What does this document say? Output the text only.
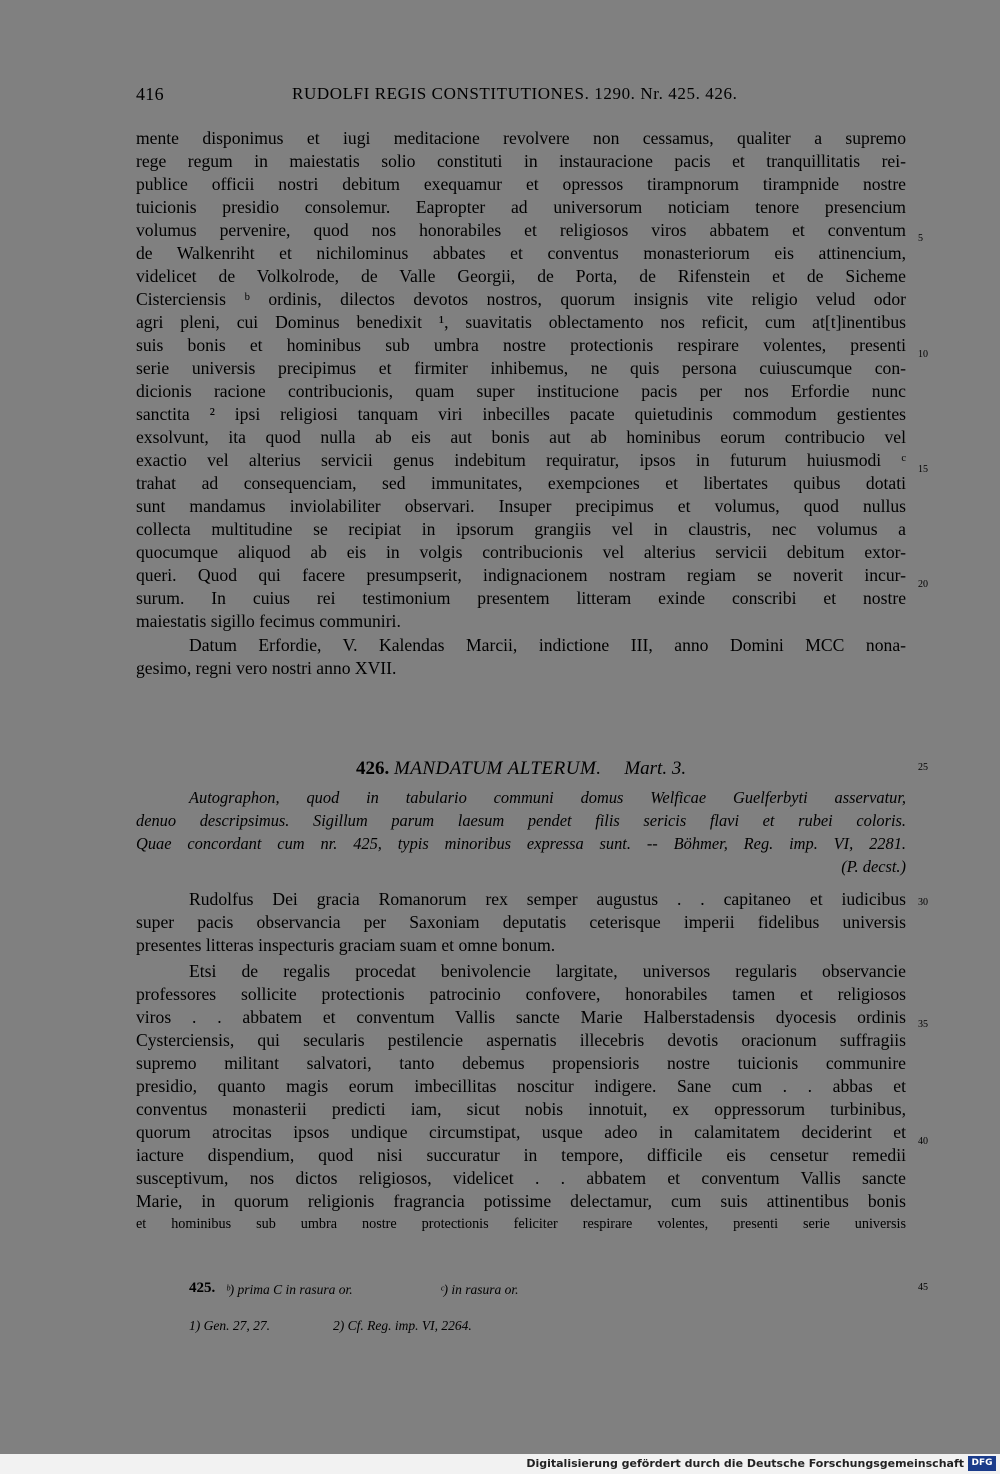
416	RUDOLFI REGIS CONSTITUTIONES. 1290. Nr. 425. 426.
mente disponimus et iugi meditacione revolvere non cessamus, qualiter a supremo
rege regum in maiestatis solio constituti in instauracione pacis et tranquillitatis rei-
publice officii nostri debitum exequamur et opressos tirampnorum tirampnide nostre
tuicionis presidio consolemur. Eapropter ad universorum noticiam tenore presencium
volumus pervenire, quod nos honorabiles et religiosos viros abbatem et conventum
de Walkenriht et nichilominus abbates et conventus monasteriorum eis attinencium,
videlicet de Volkolrode, de Valle Georgii, de Porta, de Rifenstein et de Sicheme
Cisterciensis ᵇ ordinis, dilectos devotos nostros, quorum insignis vite religio velud odor
agri pleni, cui Dominus benedixit ¹, suavitatis oblectamento nos reficit, cum at[t]inentibus
suis bonis et hominibus sub umbra nostre protectionis respirare volentes, presenti
serie universis precipimus et firmiter inhibemus, ne quis persona cuiuscumque con-
dicionis racione contribucionis, quam super institucione pacis per nos Erfordie nunc
sanctita ² ipsi religiosi tanquam viri inbecilles pacate quietudinis commodum gestientes
exsolvunt, ita quod nulla ab eis aut bonis aut ab hominibus eorum contribucio vel
exactio vel alterius servicii genus indebitum requiratur, ipsos in futurum huiusmodi ᶜ
trahat ad consequenciam, sed immunitates, exempciones et libertates quibus dotati
sunt mandamus inviolabiliter observari. Insuper precipimus et volumus, quod nullus
collecta multitudine se recipiat in ipsorum grangiis vel in claustris, nec volumus a
quocumque aliquod ab eis in volgis contribucionis vel alterius servicii debitum extor-
queri. Quod qui facere presumpserit, indignacionem nostram regiam se noverit incur-
surum. In cuius rei testimonium presentem litteram exinde conscribi et nostre
maiestatis sigillo fecimus communiri.
Datum Erfordie, V. Kalendas Marcii, indictione III, anno Domini MCC nona-
gesimo, regni vero nostri anno XVII.
426. MANDATUM ALTERUM. Mart. 3.
Autographon, quod in tabulario communi domus Welficae Guelferbyti asservatur,
denuo descripsimus. Sigillum parum laesum pendet filis sericis flavi et rubei coloris.
Quae concordant cum nr. 425, typis minoribus expressa sunt. -- Böhmer, Reg. imp. VI, 2281.
(P. decst.)
Rudolfus Dei gracia Romanorum rex semper augustus . . capitaneo et iudicibus
super pacis observancia per Saxoniam deputatis ceterisque imperii fidelibus universis
presentes litteras inspecturis graciam suam et omne bonum.
Etsi de regalis procedat benivolencie largitate, universos regularis observancie
professores sollicite protectionis patrocinio confovere, honorabiles tamen et religiosos
viros . . abbatem et conventum Vallis sancte Marie Halberstadensis dyocesis ordinis
Cysterciensis, qui secularis pestilencie aspernatis illecebris devotis oracionum suffragiis
supremo militant salvatori, tanto debemus propensioris nostre tuicionis communire
presidio, quanto magis eorum imbecillitas noscitur indigere. Sane cum . . abbas et
conventus monasterii predicti iam, sicut nobis innotuit, ex oppressorum turbinibus,
quorum atrocitas ipsos undique circumstipat, usque adeo in calamitatem deciderint et
iacture dispendium, quod nisi succuratur in tempore, difficile eis censetur remedii
susceptivum, nos dictos religiosos, videlicet . . abbatem et conventum Vallis sancte
Marie, in quorum religionis fragrancia potissime delectamur, cum suis attinentibus bonis
et hominibus sub umbra nostre protectionis feliciter respirare volentes, presenti serie universis
5
10
15
20
25
30
35
40
45
425. ᵇ) prima C in rasura or.	ᶜ) in rasura or.
1) Gen. 27, 27.	2) Cf. Reg. imp. VI, 2264.
Digitalisierung gefördert durch die Deutsche Forschungsgemeinschaft DFG
